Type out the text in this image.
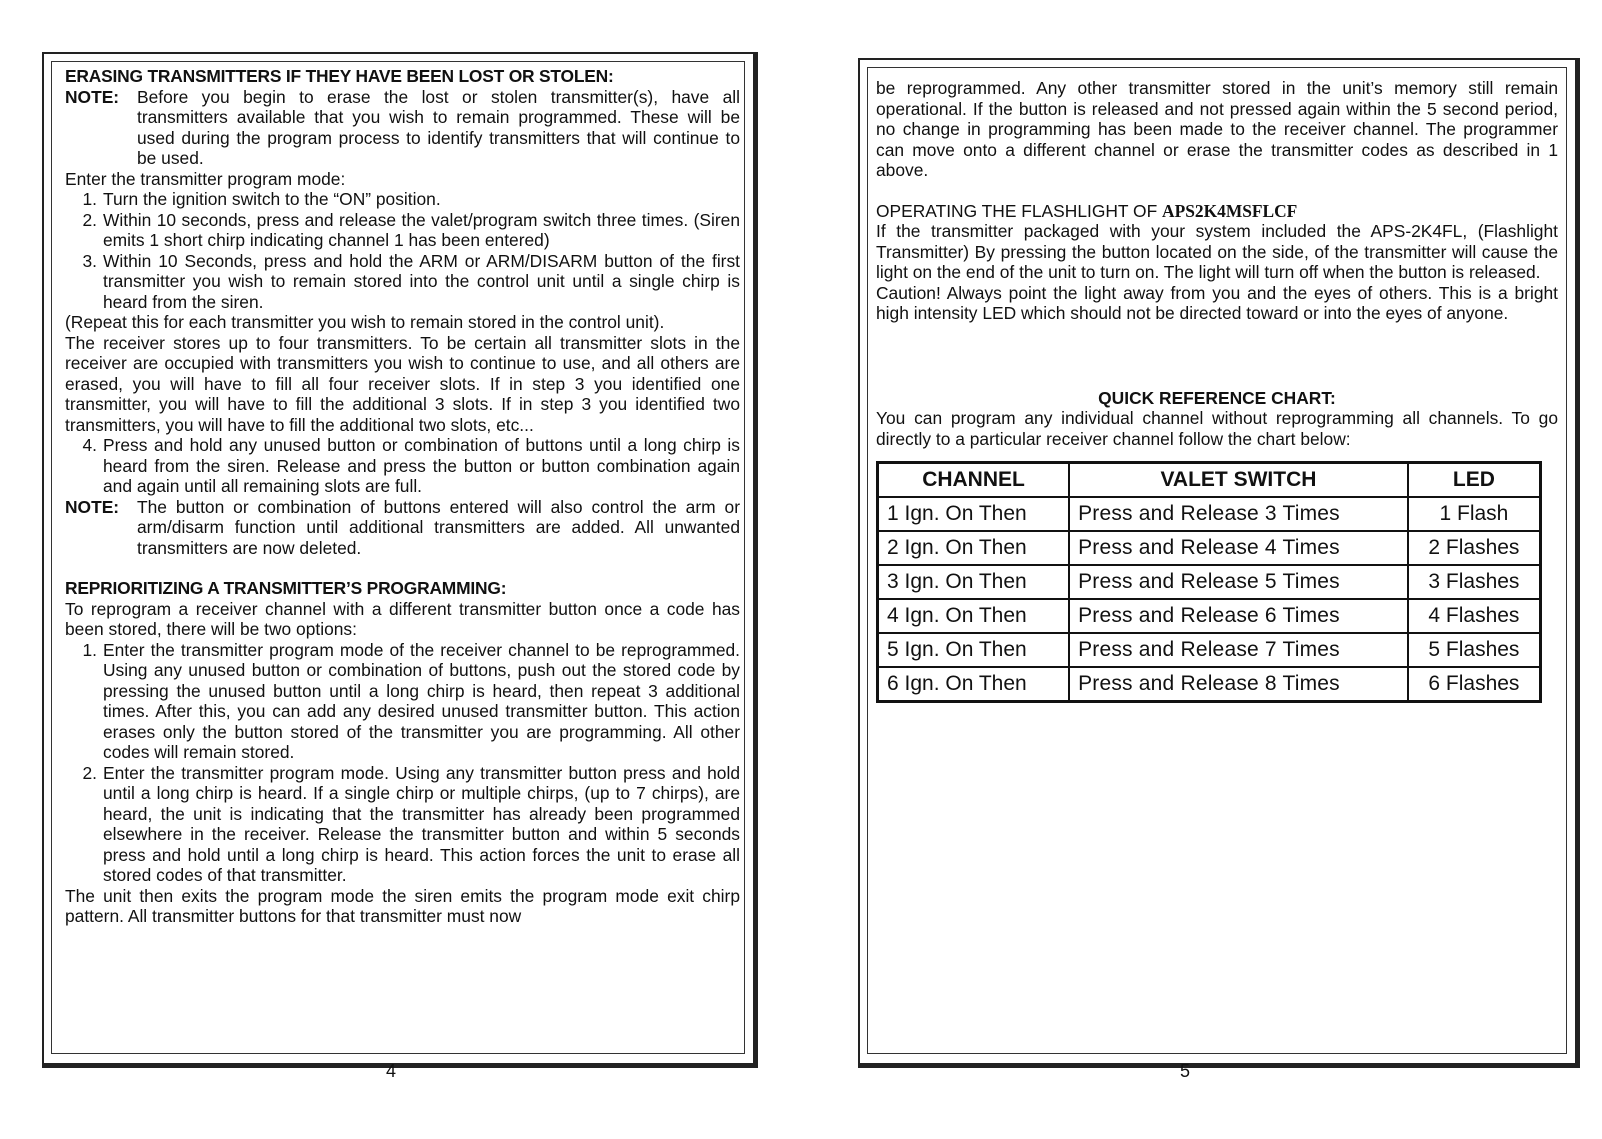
ERASING TRANSMITTERS IF THEY HAVE BEEN LOST OR STOLEN:

NOTE:	Before you begin to erase the lost or stolen transmitter(s), have all transmitters available that you wish to remain programmed. These will be used during the program process to identify transmitters that will continue to be used.

Enter the transmitter program mode:

1. Turn the ignition switch to the “ON” position.
2. Within 10 seconds, press and release the valet/program switch three times. (Siren emits 1 short chirp indicating channel 1 has been entered)
3. Within 10 Seconds, press and hold the ARM or ARM/DISARM button of the first transmitter you wish to remain stored into the control unit until a single chirp is heard from the siren.

(Repeat this for each transmitter you wish to remain stored in the control unit).

The receiver stores up to four transmitters. To be certain all transmitter slots in the receiver are occupied with transmitters you wish to continue to use, and all others are erased, you will have to fill all four receiver slots. If in step 3 you identified one transmitter, you will have to fill the additional 3 slots. If in step 3 you identified two transmitters, you will have to fill the additional two slots, etc...

4. Press and hold any unused button or combination of buttons until a long chirp is heard from the siren. Release and press the button or button combination again and again until all remaining slots are full.
NOTE:	The button or combination of buttons entered will also control the arm or arm/disarm function until additional transmitters are added. All unwanted transmitters are now deleted.

REPRIORITIZING A TRANSMITTER’S PROGRAMMING:

To reprogram a receiver channel with a different transmitter button once a code has been stored, there will be two options:

1. Enter the transmitter program mode of the receiver channel to be reprogrammed. Using any unused button or combination of buttons, push out the stored code by pressing the unused button until a long chirp is heard, then repeat 3 additional times. After this, you can add any desired unused transmitter button. This action erases only the button stored of the transmitter you are programming. All other codes will remain stored.
2. Enter the transmitter program mode. Using any transmitter button press and hold until a long chirp is heard. If a single chirp or multiple chirps, (up to 7 chirps), are heard, the unit is indicating that the transmitter has already been programmed elsewhere in the receiver. Release the transmitter button and within 5 seconds press and hold until a long chirp is heard. This action forces the unit to erase all stored codes of that transmitter.

The unit then exits the program mode the siren emits the program mode exit chirp pattern. All transmitter buttons for that transmitter must now

4

be reprogrammed. Any other transmitter stored in the unit’s memory still remain operational. If the button is released and not pressed again within the 5 second period, no change in programming has been made to the receiver channel. The programmer can move onto a different channel or erase the transmitter codes as described in 1 above.

OPERATING THE FLASHLIGHT OF APS2K4MSFLCF

If the transmitter packaged with your system included the APS-2K4FL, (Flashlight Transmitter) By pressing the button located on the side, of the transmitter will cause the light on the end of the unit to turn on. The light will turn off when the button is released.

Caution! Always point the light away from you and the eyes of others. This is a bright high intensity LED which should not be directed toward or into the eyes of anyone.

QUICK REFERENCE CHART:

You can program any individual channel without reprogramming all channels. To go directly to a particular receiver channel follow the chart below:

CHANNEL	VALET SWITCH	LED
1 Ign. On Then	Press and Release 3 Times	1 Flash
2 Ign. On Then	Press and Release 4 Times	2 Flashes
3 Ign. On Then	Press and Release 5 Times	3 Flashes
4 Ign. On Then	Press and Release 6 Times	4 Flashes
5 Ign. On Then	Press and Release 7 Times	5 Flashes
6 Ign. On Then	Press and Release 8 Times	6 Flashes
5
